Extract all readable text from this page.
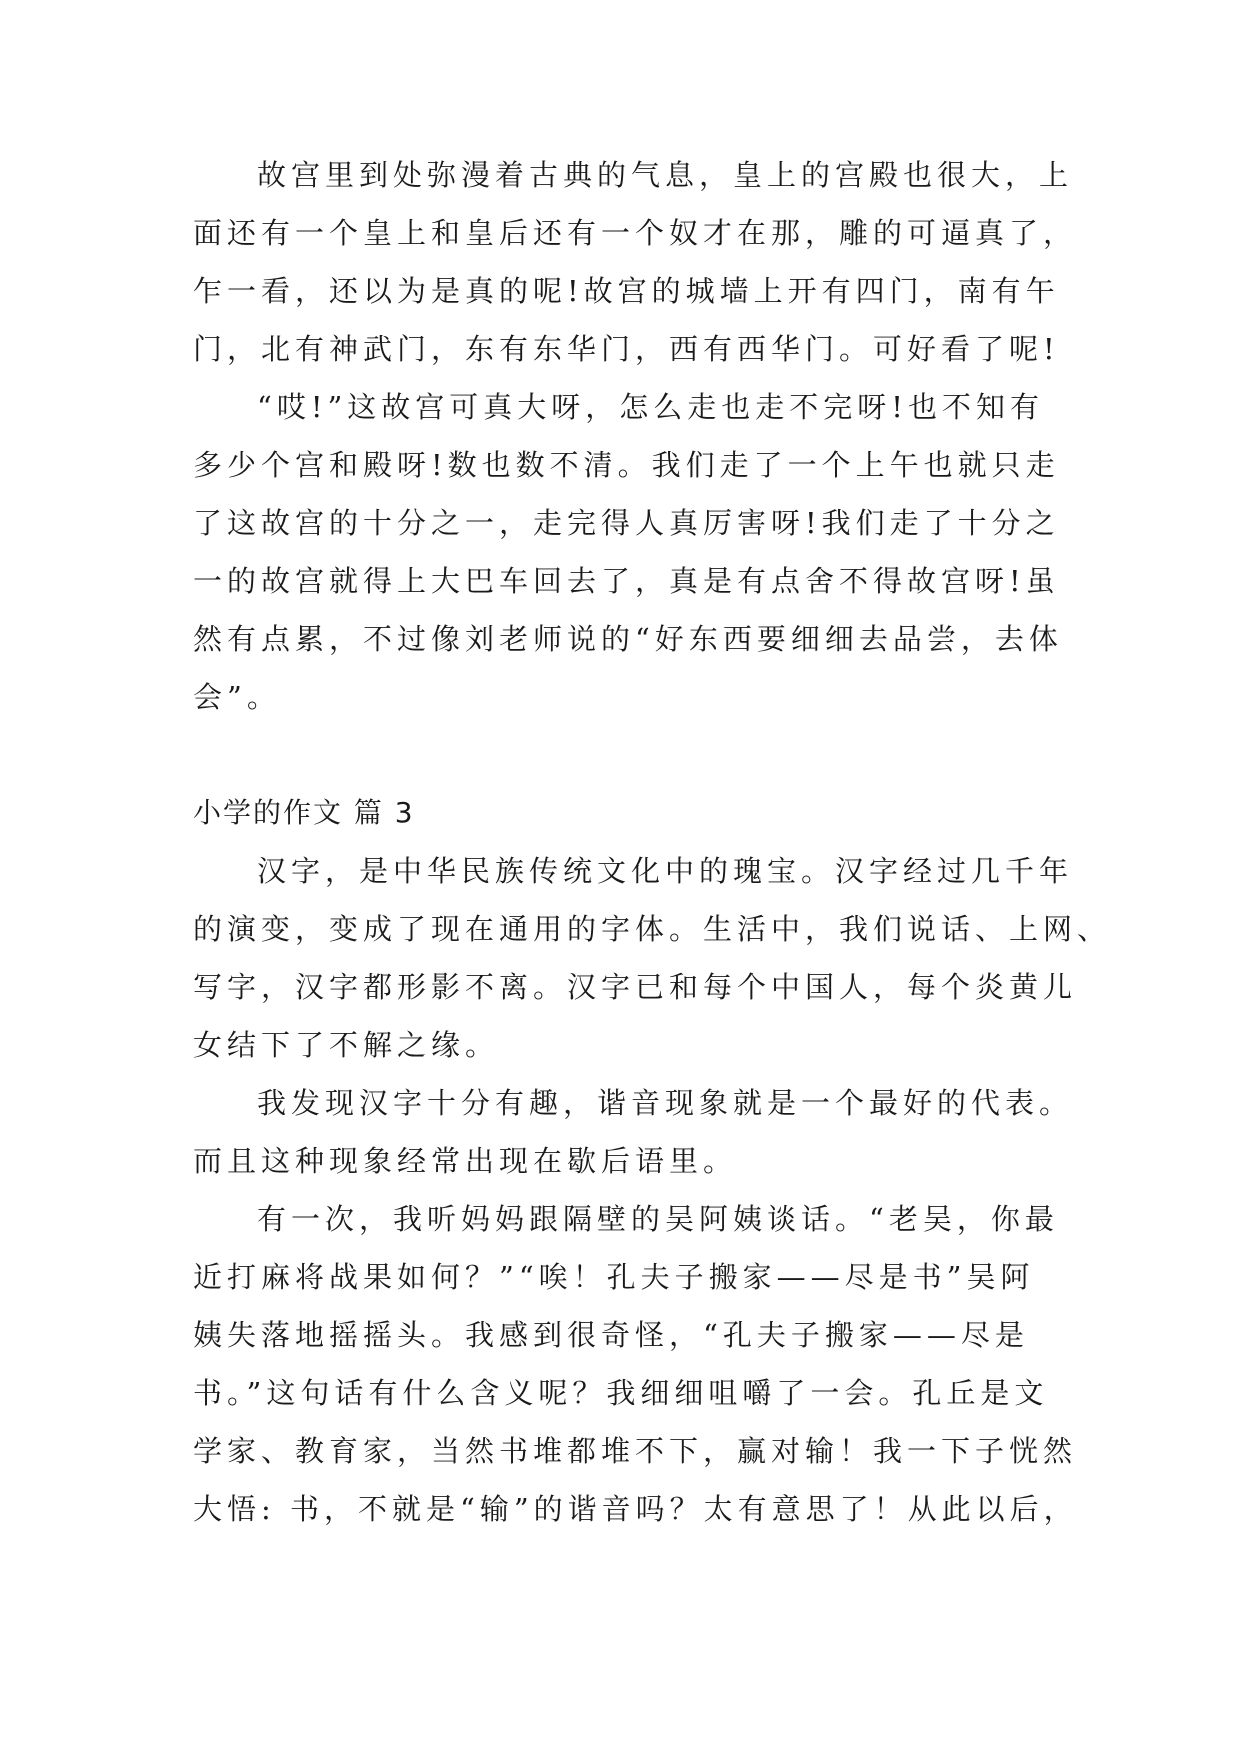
故宫里到处弥漫着古典的气息，皇上的宫殿也很大，上
面还有一个皇上和皇后还有一个奴才在那，雕的可逼真了，
乍一看，还以为是真的呢!故宫的城墙上开有四门，南有午
门，北有神武门，东有东华门，西有西华门。可好看了呢!
“哎!”这故宫可真大呀，怎么走也走不完呀!也不知有
多少个宫和殿呀!数也数不清。我们走了一个上午也就只走
了这故宫的十分之一，走完得人真厉害呀!我们走了十分之
一的故宫就得上大巴车回去了，真是有点舍不得故宫呀!虽
然有点累，不过像刘老师说的“好东西要细细去品尝，去体
会”。
小学的作文 篇 3
汉字，是中华民族传统文化中的瑰宝。汉字经过几千年
的演变，变成了现在通用的字体。生活中，我们说话、上网、
写字，汉字都形影不离。汉字已和每个中国人，每个炎黄儿
女结下了不解之缘。
我发现汉字十分有趣，谐音现象就是一个最好的代表。
而且这种现象经常出现在歇后语里。
有一次，我听妈妈跟隔壁的吴阿姨谈话。“老吴，你最
近打麻将战果如何？”“唉！孔夫子搬家——尽是书”吴阿
姨失落地摇摇头。我感到很奇怪，“孔夫子搬家——尽是
书。”这句话有什么含义呢？我细细咀嚼了一会。孔丘是文
学家、教育家，当然书堆都堆不下，赢对输！我一下子恍然
大悟: 书，不就是“输”的谐音吗？太有意思了！从此以后，
